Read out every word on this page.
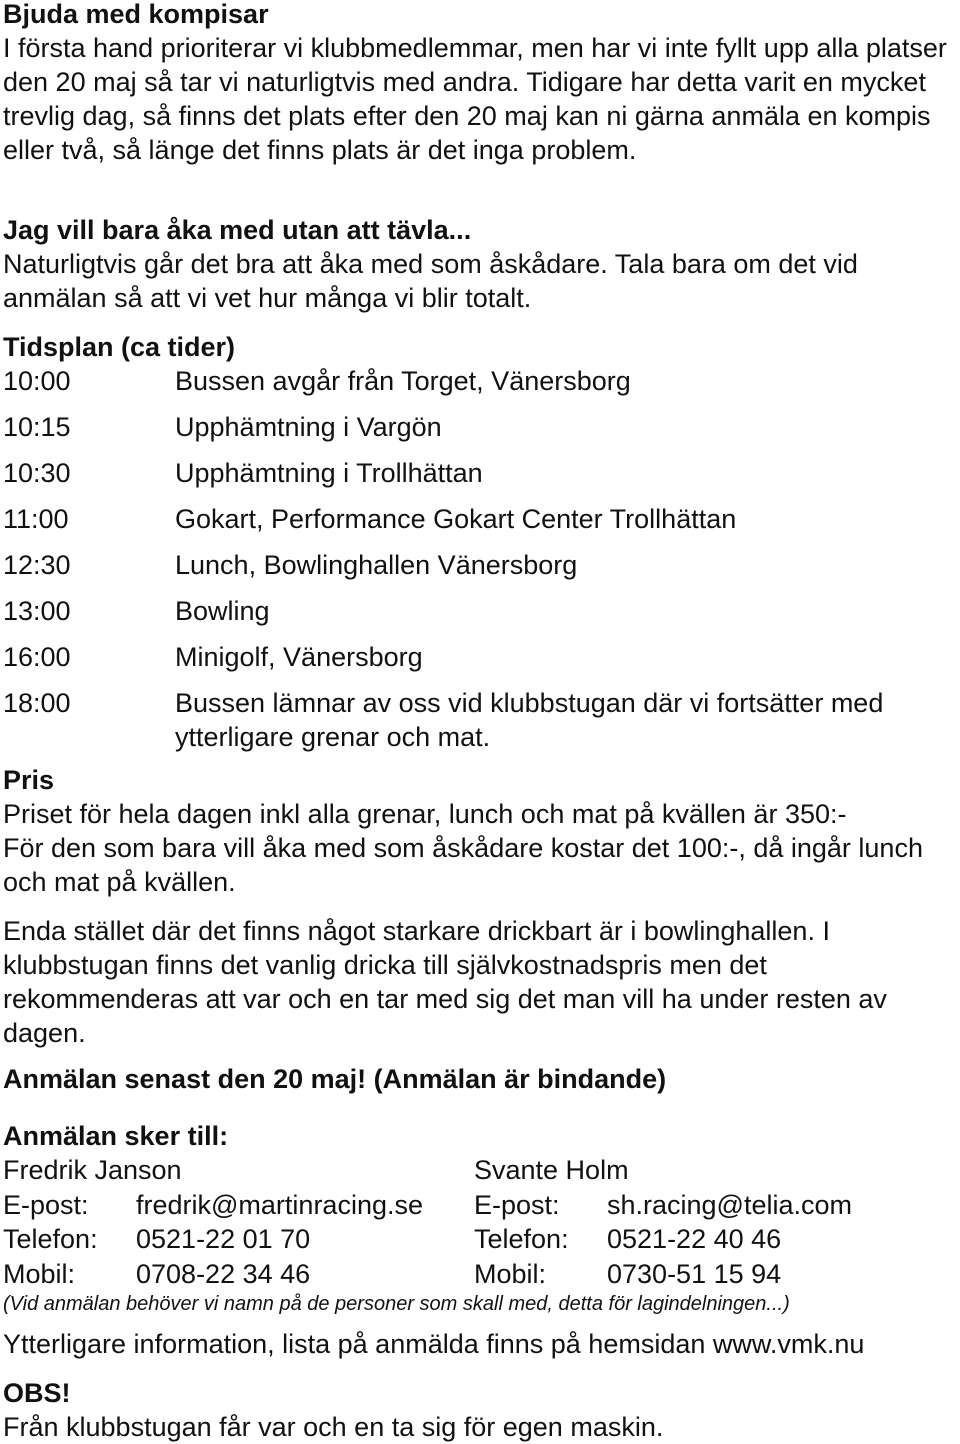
Bjuda med kompisar
I första hand prioriterar vi klubbmedlemmar, men har vi inte fyllt upp alla platser den 20 maj så tar vi naturligtvis med andra. Tidigare har detta varit en mycket trevlig dag, så finns det plats efter den 20 maj kan ni gärna anmäla en kompis eller två, så länge det finns plats är det inga problem.
Jag vill bara åka med utan att tävla...
Naturligtvis går det bra att åka med som åskådare. Tala bara om det vid anmälan så att vi vet hur många vi blir totalt.
Tidsplan (ca tider)
10:00	Bussen avgår från Torget, Vänersborg
10:15	Upphämtning i Vargön
10:30	Upphämtning i Trollhättan
11:00	Gokart, Performance Gokart Center Trollhättan
12:30	Lunch, Bowlinghallen Vänersborg
13:00	Bowling
16:00	Minigolf, Vänersborg
18:00	Bussen lämnar av oss vid klubbstugan där vi fortsätter med ytterligare grenar och mat.
Pris
Priset för hela dagen inkl alla grenar, lunch och mat på kvällen är 350:-
För den som bara vill åka med som åskådare kostar det 100:-, då ingår lunch och mat på kvällen.
Enda stället där det finns något starkare drickbart är i bowlinghallen. I klubbstugan finns det vanlig dricka till självkostnadspris men det rekommenderas att var och en tar med sig det man vill ha under resten av dagen.
Anmälan senast den 20 maj! (Anmälan är bindande)
Anmälan sker till:
Fredrik Janson
E-post: fredrik@martinracing.se
Telefon: 0521-22 01 70
Mobil: 0708-22 34 46
Svante Holm
E-post: sh.racing@telia.com
Telefon: 0521-22 40 46
Mobil: 0730-51 15 94
(Vid anmälan behöver vi namn på de personer som skall med, detta för lagindelningen...)
Ytterligare information, lista på anmälda finns på hemsidan www.vmk.nu
OBS!
Från klubbstugan får var och en ta sig för egen maskin.
